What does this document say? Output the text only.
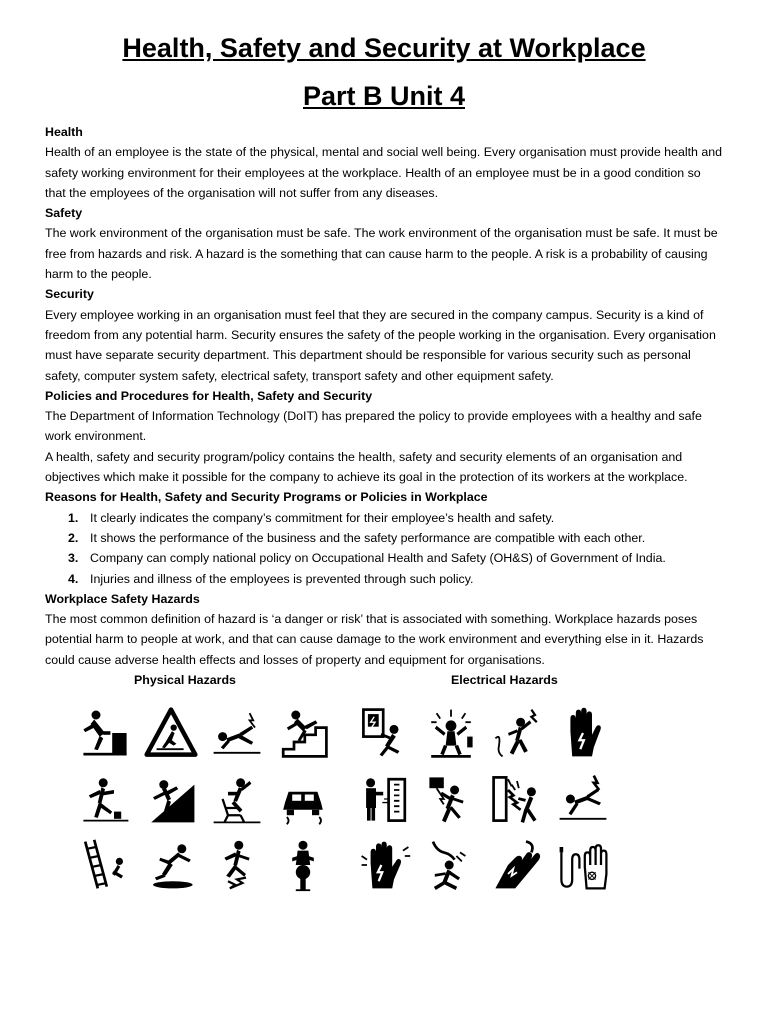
Health, Safety and Security at Workplace
Part B Unit 4
Health

Health of an employee is the state of the physical, mental and social well being. Every organisation must provide health and safety working environment for their employees at the workplace. Health of an employee must be in a good condition so that the employees of the organisation will not suffer from any diseases.

Safety

The work environment of the organisation must be safe. The work environment of the organisation must be safe. It must be free from hazards and risk. A hazard is the something that can cause harm to the people. A risk is a probability of causing harm to the people.

Security

Every employee working in an organisation must feel that they are secured in the company campus. Security is a kind of freedom from any potential harm. Security ensures the safety of the people working in the organisation. Every organisation must have separate security department. This department should be responsible for various security such as personal safety, computer system safety, electrical safety, transport safety and other equipment safety.

Policies and Procedures for Health, Safety and Security

The Department of Information Technology (DoIT) has prepared the policy to provide employees with a healthy and safe work environment.

A health, safety and security program/policy contains the health, safety and security elements of an organisation and objectives which make it possible for the company to achieve its goal in the protection of its workers at the workplace.

Reasons for Health, Safety and Security Programs or Policies in Workplace
1. It clearly indicates the company’s commitment for their employee’s health and safety.
2. It shows the performance of the business and the safety performance are compatible with each other.
3. Company can comply national policy on Occupational Health and Safety (OH&S) of Government of India.
4. Injuries and illness of the employees is prevented through such policy.
Workplace Safety Hazards

The most common definition of hazard is ‘a danger or risk’ that is associated with something. Workplace hazards poses potential harm to people at work, and that can cause damage to the work environment and everything else in it. Hazards could cause adverse health effects and losses of property and equipment for organisations.

Physical Hazards	Electrical Hazards
